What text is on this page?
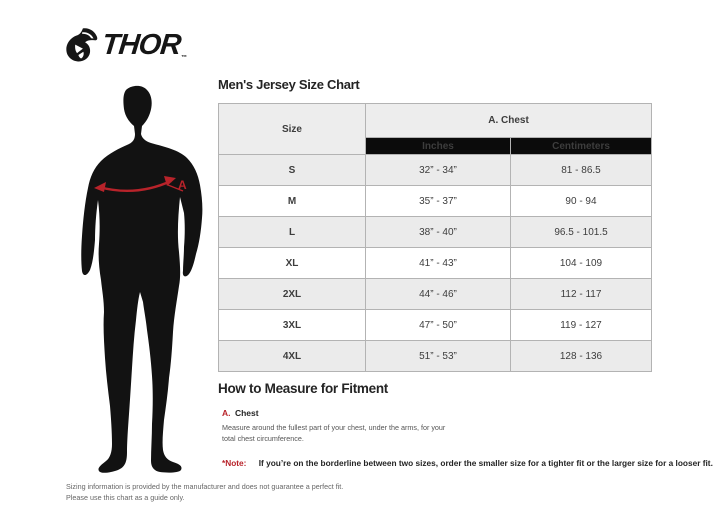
THOR ™
A
Men's Jersey Size Chart
Size	A. Chest	
	Inches	Centimeters
S	32” - 34”	81 - 86.5
M	35” - 37”	90 - 94
L	38” - 40”	96.5 - 101.5
XL	41” - 43”	104 - 109
2XL	44” - 46”	112 - 117
3XL	47” - 50”	119 - 127
4XL	51” - 53”	128 - 136
How to Measure for Fitment
A. Chest
Measure around the fullest part of your chest, under the arms, for your total chest circumference.
*Note: If you’re on the borderline between two sizes, order the smaller size for a tighter fit or the larger size for a looser fit.
Sizing information is provided by the manufacturer and does not guarantee a perfect fit.
Please use this chart as a guide only.
